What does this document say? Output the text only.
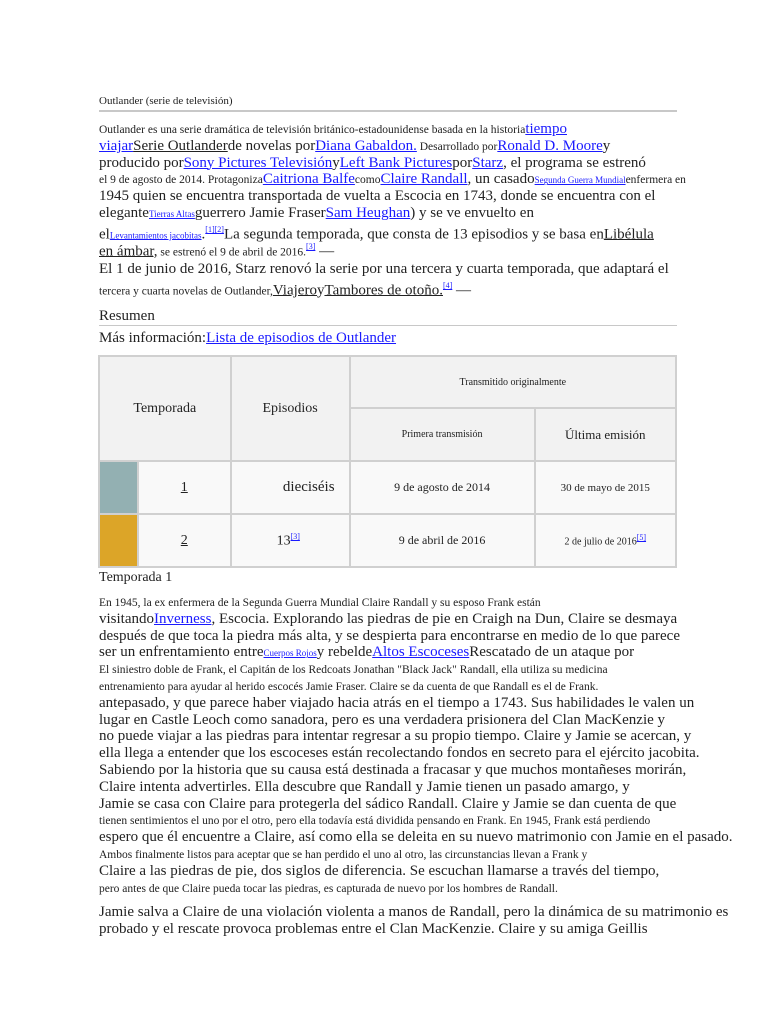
Outlander (serie de televisión)
Outlander es una serie dramática de televisión británico-estadounidense basada en la historiatiempo
viajarSerie Outlanderde novelas porDiana Gabaldon. Desarrollado porRonald D. Moorey
producido porSony Pictures TelevisiónyLeft Bank PicturesporStarz, el programa se estrenó
el 9 de agosto de 2014. ProtagonizaCaitriona BalfecomoClaire Randall, un casadoSegunda Guerra Mundialenfermera en
1945 quien se encuentra transportada de vuelta a Escocia en 1743, donde se encuentra con el
eleganteTierras Altasguerrero Jamie FraserSam Heughan) y se ve envuelto en
elLevantamientos jacobitas.[1][2]La segunda temporada, que consta de 13 episodios y se basa enLibélula
en ámbar, se estrenó el 9 de abril de 2016.[3] —
El 1 de junio de 2016, Starz renovó la serie por una tercera y cuarta temporada, que adaptará el
tercera y cuarta novelas de Outlander,ViajeroyTambores de otoño.[4] —
Resumen
Más información:Lista de episodios de Outlander
Temporada		Episodios	Transmitido originalmente	
			Primera transmisión	Última emisión
	1	dieciséis	9 de agosto de 2014	30 de mayo de 2015
	2	13[3]	9 de abril de 2016	2 de julio de 2016[5]
Temporada 1
En 1945, la ex enfermera de la Segunda Guerra Mundial Claire Randall y su esposo Frank están
visitandoInverness, Escocia. Explorando las piedras de pie en Craigh na Dun, Claire se desmaya
después de que toca la piedra más alta, y se despierta para encontrarse en medio de lo que parece
ser un enfrentamiento entreCuerpos Rojosy rebeldeAltos EscocesesRescatado de un ataque por
El siniestro doble de Frank, el Capitán de los Redcoats Jonathan "Black Jack" Randall, ella utiliza su medicina
entrenamiento para ayudar al herido escocés Jamie Fraser. Claire se da cuenta de que Randall es el de Frank.
antepasado, y que parece haber viajado hacia atrás en el tiempo a 1743. Sus habilidades le valen un
lugar en Castle Leoch como sanadora, pero es una verdadera prisionera del Clan MacKenzie y
no puede viajar a las piedras para intentar regresar a su propio tiempo. Claire y Jamie se acercan, y
ella llega a entender que los escoceses están recolectando fondos en secreto para el ejército jacobita.
Sabiendo por la historia que su causa está destinada a fracasar y que muchos montañeses morirán,
Claire intenta advertirles. Ella descubre que Randall y Jamie tienen un pasado amargo, y
Jamie se casa con Claire para protegerla del sádico Randall. Claire y Jamie se dan cuenta de que
tienen sentimientos el uno por el otro, pero ella todavía está dividida pensando en Frank. En 1945, Frank está perdiendo
espero que él encuentre a Claire, así como ella se deleita en su nuevo matrimonio con Jamie en el pasado.
Ambos finalmente listos para aceptar que se han perdido el uno al otro, las circunstancias llevan a Frank y
Claire a las piedras de pie, dos siglos de diferencia. Se escuchan llamarse a través del tiempo,
pero antes de que Claire pueda tocar las piedras, es capturada de nuevo por los hombres de Randall.
Jamie salva a Claire de una violación violenta a manos de Randall, pero la dinámica de su matrimonio es
probado y el rescate provoca problemas entre el Clan MacKenzie. Claire y su amiga Geillis
